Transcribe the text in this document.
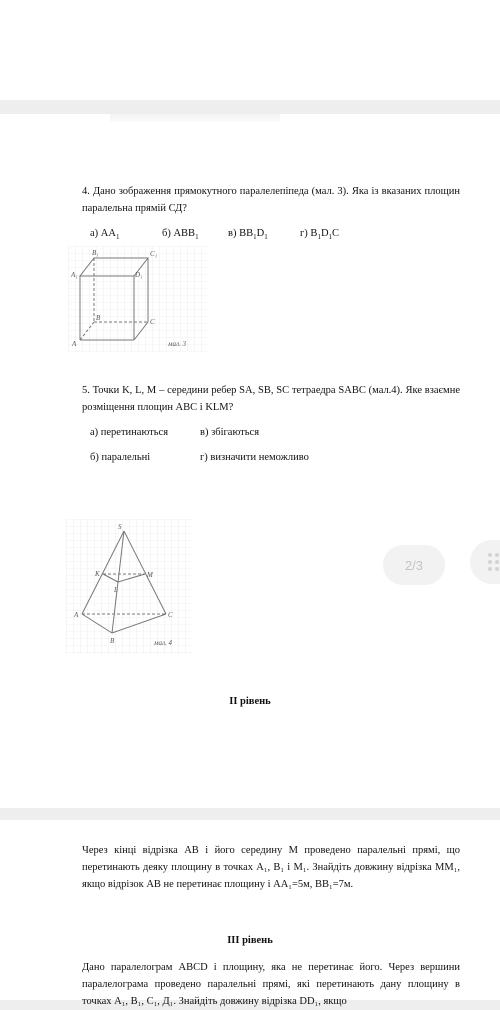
4. Дано зображення прямокутного паралелепіпеда (мал. 3). Яка із вказаних площин паралельна прямій СД?

а) $АА_1$	б) $АВВ_1$	в) $ВВ_1D_1$	г) $В_1D_1С$
B₁	C₁
A₁	D₁
B	C
A	мал. 3

5. Точки K, L, M – середини ребер SA, SB, SC тетраедра SABC (мал.4). Яке взаємне розміщення площин ABC і KLM?

а) перетинаються	в) збігаються
б) паралельні	г) визначити неможливо
S
K	M
L
A	C
B	мал. 4
ІІ рівень

Через кінці відрізка АВ і його середину М проведено паралельні прямі, що перетинають деяку площину в точках А₁, В₁ і М₁. Знайдіть довжину відрізка ММ₁, якщо відрізок АВ не перетинає площину і АА₁=5м, ВВ₁=7м.

ІІІ рівень

Дано паралелограм ABCD і площину, яка не перетинає його. Через вершини паралелограма проведено паралельні прямі, які перетинають дану площину в точках А₁, В₁, С₁, Д₁. Знайдіть довжину відрізка DD₁, якщо

2/3
